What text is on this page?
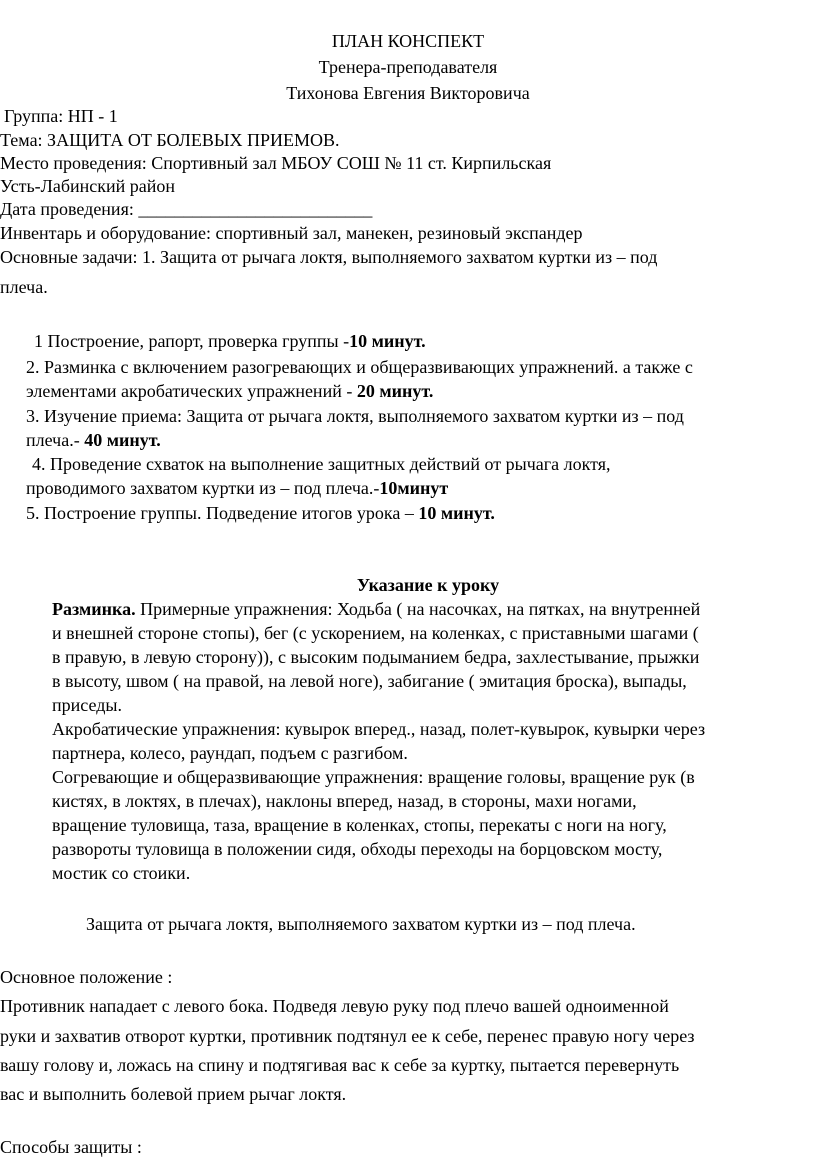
ПЛАН КОНСПЕКТ
Тренера-преподавателя
Тихонова Евгения Викторовича
Группа: НП - 1
Тема: ЗАЩИТА ОТ БОЛЕВЫХ ПРИЕМОВ.
Место проведения: Спортивный зал МБОУ СОШ № 11 ст. Кирпильская
Усть-Лабинский район
Дата проведения: __________________________
Инвентарь и оборудование: спортивный зал, манекен, резиновый экспандер
Основные задачи: 1. Защита от рычага локтя, выполняемого захватом куртки из – под
плеча.
1 Построение, рапорт, проверка группы -10 минут.
2. Разминка с включением разогревающих и общеразвивающих упражнений. а также с
элементами акробатических упражнений - 20 минут.
3. Изучение приема: Защита от рычага локтя, выполняемого захватом куртки из – под
плеча.- 40 минут.
4. Проведение схваток на выполнение защитных действий от рычага локтя,
проводимого захватом куртки из – под плеча.-10минут
5. Построение группы. Подведение итогов урока – 10 минут.
Указание к уроку
Разминка. Примерные упражнения: Ходьба ( на насочках, на пятках, на внутренней
и внешней стороне стопы), бег (с ускорением, на коленках, с приставными шагами (
в правую, в левую сторону)), с высоким подыманием бедра, захлестывание, прыжки
в высоту, швом ( на правой, на левой ноге), забигание ( эмитация броска), выпады,
приседы.
Акробатические упражнения: кувырок вперед., назад, полет-кувырок, кувырки через
партнера, колесо, раундап, подъем с разгибом.
Согревающие и общеразвивающие упражнения: вращение головы, вращение рук (в
кистях, в локтях, в плечах), наклоны вперед, назад, в стороны, махи ногами,
вращение туловища, таза, вращение в коленках, стопы, перекаты с ноги на ногу,
развороты туловища в положении сидя, обходы переходы на борцовском мосту,
мостик со стоики.
Защита от рычага локтя, выполняемого захватом куртки из – под плеча.
Основное положение :
Противник нападает с левого бока. Подведя левую руку под плечо вашей одноименной
руки и захватив отворот куртки, противник подтянул ее к себе, перенес правую ногу через
вашу голову и, ложась на спину и подтягивая вас к себе за куртку, пытается перевернуть
вас и выполнить болевой прием рычаг локтя.
Способы защиты :
